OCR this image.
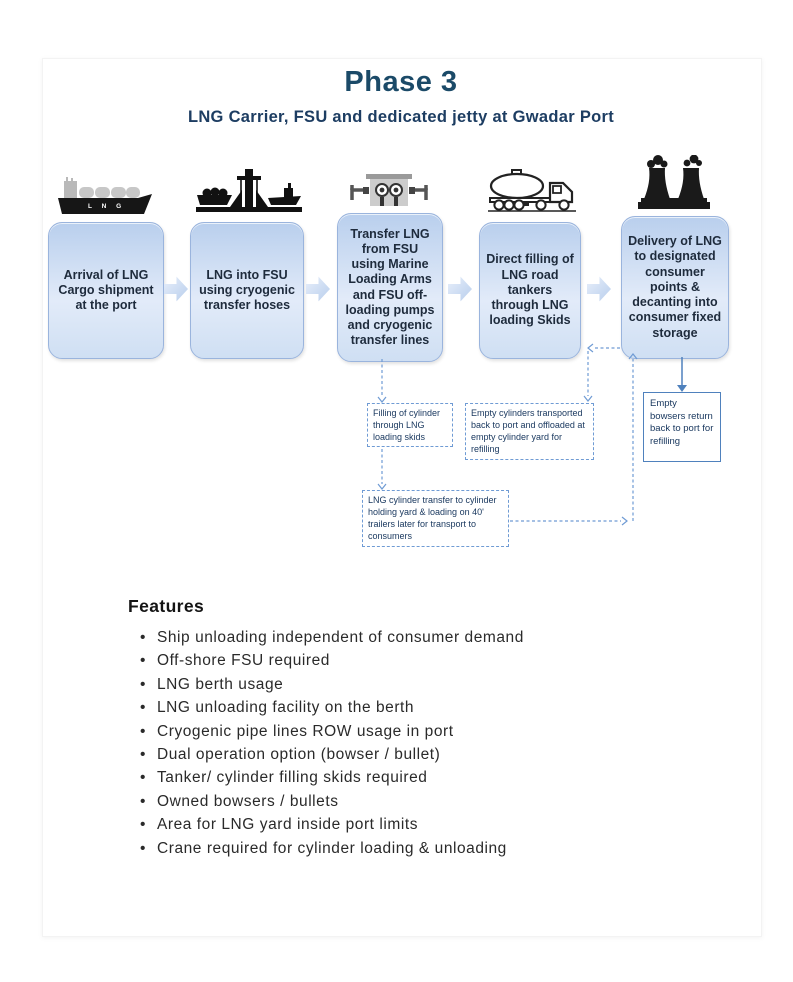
Phase 3
LNG Carrier, FSU and dedicated jetty at Gwadar Port
L N G
Arrival of LNG Cargo shipment at the port
LNG into FSU using cryogenic transfer hoses
Transfer LNG from FSU using Marine Loading Arms and FSU off-loading pumps and cryogenic transfer lines
Direct filling of LNG road tankers through LNG loading Skids
Delivery of LNG to designated consumer points & decanting into consumer fixed storage
Filling of cylinder through LNG loading skids
Empty cylinders transported back to port and offloaded at empty cylinder yard for refilling
LNG cylinder transfer to cylinder holding yard & loading on 40' trailers later for transport to consumers
Empty bowsers return back to port for refilling
Features
• Ship unloading independent of consumer demand
• Off-shore FSU required
• LNG berth usage
• LNG unloading facility on the berth
• Cryogenic pipe lines ROW usage in port
• Dual operation option (bowser / bullet)
• Tanker/ cylinder filling skids required
• Owned bowsers / bullets
• Area for LNG yard inside port limits
• Crane required for cylinder loading & unloading
